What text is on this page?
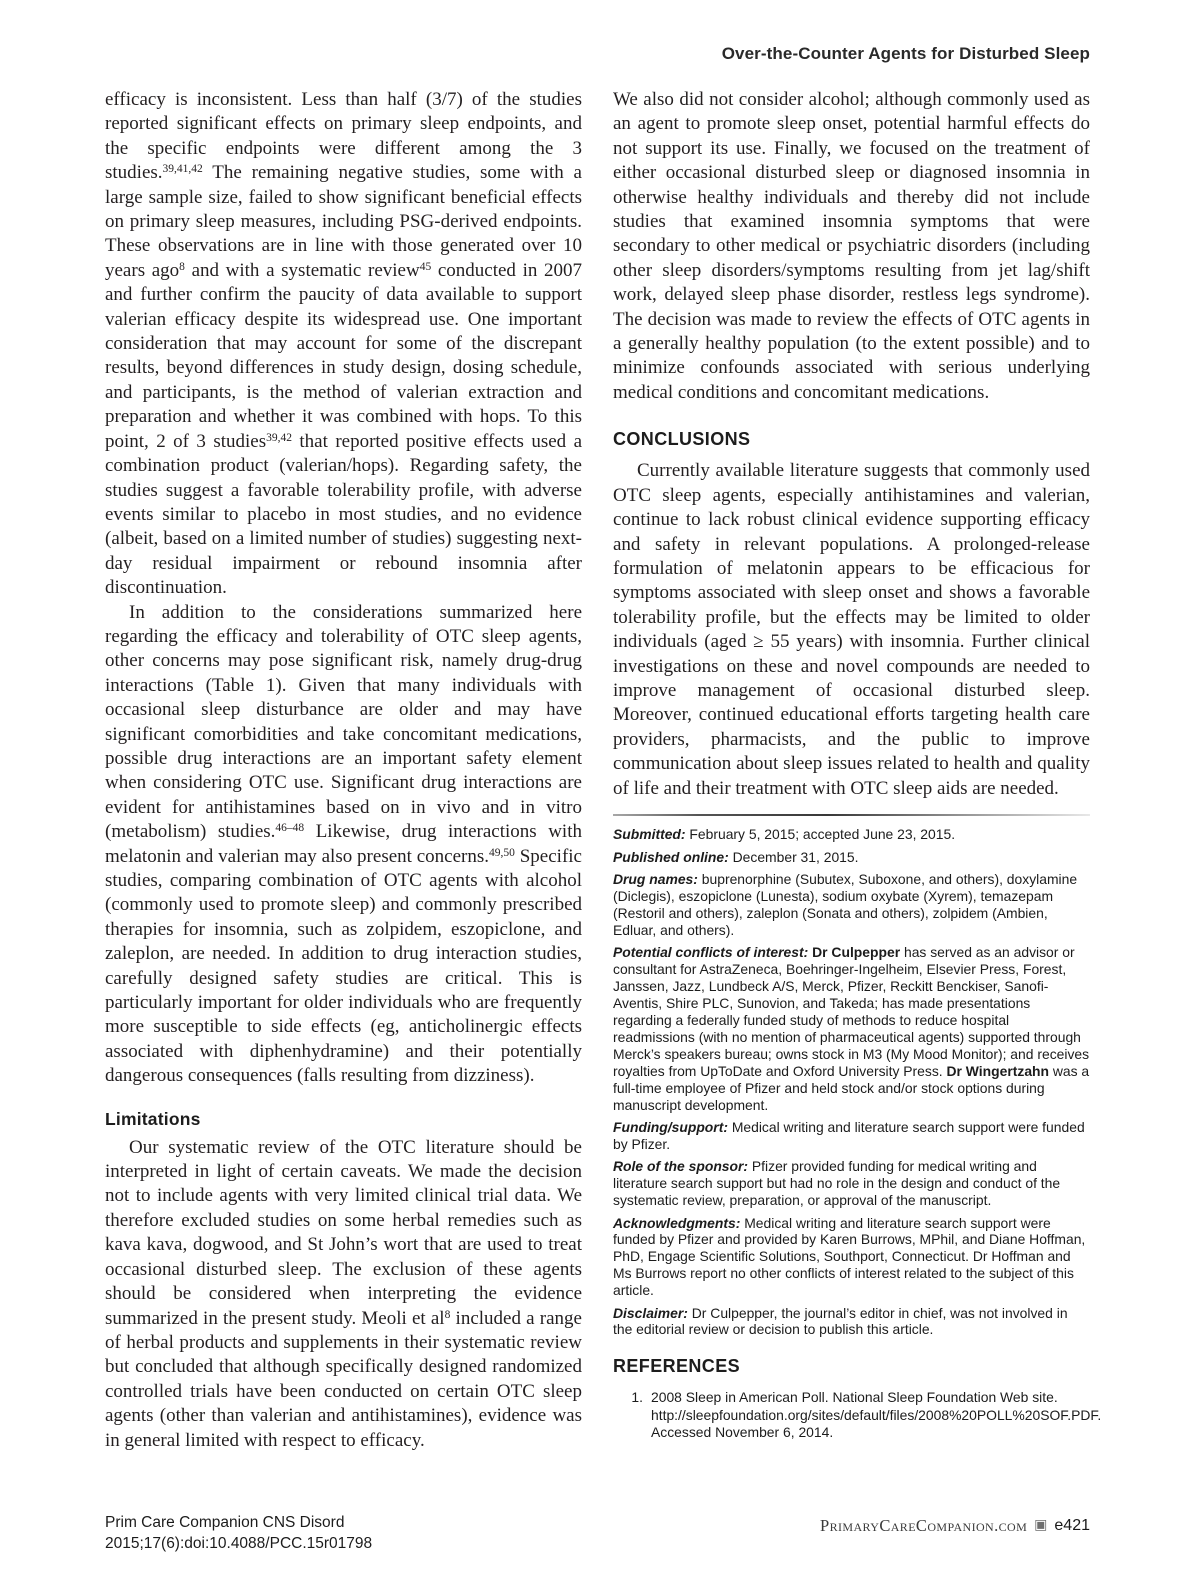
Over-the-Counter Agents for Disturbed Sleep

efficacy is inconsistent. Less than half (3/7) of the studies reported significant effects on primary sleep endpoints, and the specific endpoints were different among the 3 studies.$^{39,41,42}$ The remaining negative studies, some with a large sample size, failed to show significant beneficial effects on primary sleep measures, including PSG-derived endpoints. These observations are in line with those generated over 10 years ago$^8$ and with a systematic review$^{45}$ conducted in 2007 and further confirm the paucity of data available to support valerian efficacy despite its widespread use. One important consideration that may account for some of the discrepant results, beyond differences in study design, dosing schedule, and participants, is the method of valerian extraction and preparation and whether it was combined with hops. To this point, 2 of 3 studies$^{39,42}$ that reported positive effects used a combination product (valerian/hops). Regarding safety, the studies suggest a favorable tolerability profile, with adverse events similar to placebo in most studies, and no evidence (albeit, based on a limited number of studies) suggesting next-day residual impairment or rebound insomnia after discontinuation.

In addition to the considerations summarized here regarding the efficacy and tolerability of OTC sleep agents, other concerns may pose significant risk, namely drug-drug interactions (Table 1). Given that many individuals with occasional sleep disturbance are older and may have significant comorbidities and take concomitant medications, possible drug interactions are an important safety element when considering OTC use. Significant drug interactions are evident for antihistamines based on in vivo and in vitro (metabolism) studies.$^{46-48}$ Likewise, drug interactions with melatonin and valerian may also present concerns.$^{49,50}$ Specific studies, comparing combination of OTC agents with alcohol (commonly used to promote sleep) and commonly prescribed therapies for insomnia, such as zolpidem, eszopiclone, and zaleplon, are needed. In addition to drug interaction studies, carefully designed safety studies are critical. This is particularly important for older individuals who are frequently more susceptible to side effects (eg, anticholinergic effects associated with diphenhydramine) and their potentially dangerous consequences (falls resulting from dizziness).

Limitations

Our systematic review of the OTC literature should be interpreted in light of certain caveats. We made the decision not to include agents with very limited clinical trial data. We therefore excluded studies on some herbal remedies such as kava kava, dogwood, and St John’s wort that are used to treat occasional disturbed sleep. The exclusion of these agents should be considered when interpreting the evidence summarized in the present study. Meoli et $al^8$ included a range of herbal products and supplements in their systematic review but concluded that although specifically designed randomized controlled trials have been conducted on certain OTC sleep agents (other than valerian and antihistamines), evidence was in general limited with respect to efficacy.

We also did not consider alcohol; although commonly used as an agent to promote sleep onset, potential harmful effects do not support its use. Finally, we focused on the treatment of either occasional disturbed sleep or diagnosed insomnia in otherwise healthy individuals and thereby did not include studies that examined insomnia symptoms that were secondary to other medical or psychiatric disorders (including other sleep disorders/symptoms resulting from jet lag/shift work, delayed sleep phase disorder, restless legs syndrome). The decision was made to review the effects of OTC agents in a generally healthy population (to the extent possible) and to minimize confounds associated with serious underlying medical conditions and concomitant medications.

CONCLUSIONS

Currently available literature suggests that commonly used OTC sleep agents, especially antihistamines and valerian, continue to lack robust clinical evidence supporting efficacy and safety in relevant populations. A prolonged-release formulation of melatonin appears to be efficacious for symptoms associated with sleep onset and shows a favorable tolerability profile, but the effects may be limited to older individuals (aged ≥ 55 years) with insomnia. Further clinical investigations on these and novel compounds are needed to improve management of occasional disturbed sleep. Moreover, continued educational efforts targeting health care providers, pharmacists, and the public to improve communication about sleep issues related to health and quality of life and their treatment with OTC sleep aids are needed.

Submitted: February 5, 2015; accepted June 23, 2015.

Published online: December 31, 2015.

Drug names: buprenorphine (Subutex, Suboxone, and others), doxylamine (Diclegis), eszopiclone (Lunesta), sodium oxybate (Xyrem), temazepam (Restoril and others), zaleplon (Sonata and others), zolpidem (Ambien, Edluar, and others).

Potential conflicts of interest: Dr Culpepper has served as an advisor or consultant for AstraZeneca, Boehringer-Ingelheim, Elsevier Press, Forest, Janssen, Jazz, Lundbeck A/S, Merck, Pfizer, Reckitt Benckiser, Sanofi-Aventis, Shire PLC, Sunovion, and Takeda; has made presentations regarding a federally funded study of methods to reduce hospital readmissions (with no mention of pharmaceutical agents) supported through Merck’s speakers bureau; owns stock in M3 (My Mood Monitor); and receives royalties from UpToDate and Oxford University Press. Dr Wingertzahn was a full-time employee of Pfizer and held stock and/or stock options during manuscript development.

Funding/support: Medical writing and literature search support were funded by Pfizer.

Role of the sponsor: Pfizer provided funding for medical writing and literature search support but had no role in the design and conduct of the systematic review, preparation, or approval of the manuscript.

Acknowledgments: Medical writing and literature search support were funded by Pfizer and provided by Karen Burrows, MPhil, and Diane Hoffman, PhD, Engage Scientific Solutions, Southport, Connecticut. Dr Hoffman and Ms Burrows report no other conflicts of interest related to the subject of this article.

Disclaimer: Dr Culpepper, the journal’s editor in chief, was not involved in the editorial review or decision to publish this article.

REFERENCES
1. 2008 Sleep in American Poll. National Sleep Foundation Web site. http://sleepfoundation.org/sites/default/files/2008%20POLL%20SOF.PDF. Accessed November 6, 2014.
Prim Care Companion CNS Disord
2015;17(6):doi:10.4088/PCC.15r01798
PrimaryCareCompanion.com ▣ e421
